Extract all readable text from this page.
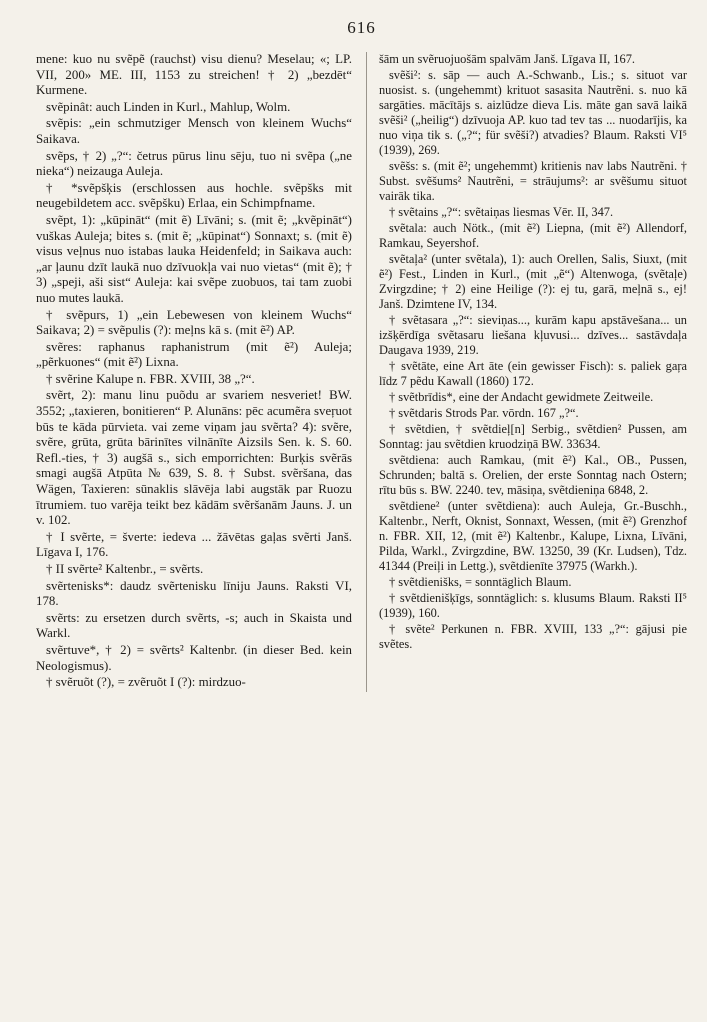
616

mene: kuo nu svẽpẽ (rauchst) visu dienu? Meselau; «; LP. VII, 200» ME. III, 1153 zu streichen! † 2) „bezdēt“ Kurmene.

svẽpinât: auch Linden in Kurl., Mahlup, Wolm.

svẽpis: „ein schmutziger Mensch von kleinem Wuchs“ Saikava.

svẽps, † 2) „?“: četrus pūrus linu sēju, tuo ni svẽpa („ne nieka“) neizauga Auleja.

† *svẽpšķis (erschlossen aus hochle. svẽpšks mit neugebildetem acc. svẽpšku) Erlaa, ein Schimpfname.

svẽpt, 1): „kūpināt“ (mit ẽ) Līvāni; s. (mit ẽ; „kvẽpināt“) vuškas Auleja; bites s. (mit ẽ; „kūpinat“) Sonnaxt; s. (mit ẽ) visus veļnus nuo istabas lauka Heidenfeld; in Saikava auch: „ar ļaunu dzīt laukā nuo dzīvuokļa vai nuo vietas“ (mit ẽ); † 3) „speji, aši sist“ Auleja: kai svẽpe zuobuos, tai tam zuobi nuo mutes laukā.

† svẽpurs, 1) „ein Lebewesen von kleinem Wuchs“ Saikava; 2) = svẽpulis (?): meļns kā s. (mit ẽ²) AP.

svẽres: raphanus raphanistrum (mit ẽ²) Auleja; „pẽrkuones“ (mit ẽ²) Lixna.

† svẽrine Kalupe n. FBR. XVIII, 38 „?“.

svẽrt, 2): manu linu puõdu ar svariem nesveriet! BW. 3552; „taxieren, bonitieren“ P. Alunāns: pēc acumẽra sveŗuot būs te kāda pūrvieta. vai zeme viņam jau svẽrta? 4): svẽre, svẽre, grūta, grūta bārinītes vilnānīte Aizsils Sen. k. S. 60. Refl.-ties, † 3) augšā s., sich emporrichten: Burķis svẽrās smagi augšā Atpūta № 639, S. 8. † Subst. svẽršana, das Wägen, Taxieren: sūnaklis slāvēja labi augstāk par Ruozu ītrumiem. tuo varēja teikt bez kādām svẽršanām Jauns. J. un v. 102.

† I svẽrte, = šverte: iedeva ... žāvētas gaļas svẽrti Janš. Līgava I, 176.

† II svẽrte² Kaltenbr., = svẽrts.

svẽrtenisks*: daudz svẽrtenisku līniju Jauns. Raksti VI, 178.

svẽrts: zu ersetzen durch svẽrts, -s; auch in Skaista und Warkl.

svẽrtuve*, † 2) = svẽrts² Kaltenbr. (in dieser Bed. kein Neologismus).

† svẽruõt (?), = zvẽruõt I (?): mirdzuo-

šām un svẽruojuošām spalvām Janš. Līgava II, 167.

svẽši²: s. sāp — auch A.-Schwanb., Lis.; s. situot var nuosist. s. (ungehemmt) krituot sasasita Nautrẽni. s. nuo kā sargāties. mācītājs s. aizlūdze dieva Lis. māte gan savā laikā svẽši² („heilig“) dzīvuoja AP. kuo tad tev tas ... nuodarījis, ka nuo viņa tik s. („?“; für svẽši?) atvadies? Blaum. Raksti VI⁵ (1939), 269.

svẽšs: s. (mit ẽ²; ungehemmt) kritienis nav labs Nautrẽni. † Subst. svẽšums² Nautrẽni, = strāujums²: ar svẽšumu situot vairāk tika.

† svẽtains „?“: svẽtaiņas liesmas Vēr. II, 347.

svẽtala: auch Nötk., (mit ẽ²) Liepna, (mit ẽ²) Allendorf, Ramkau, Seyershof.

svẽtaļa² (unter svẽtala), 1): auch Orellen, Salis, Siuxt, (mit ẽ²) Fest., Linden in Kurl., (mit „ẽ“) Altenwoga, (svẽtaļe) Zvirgzdine; † 2) eine Heilige (?): ej tu, garā, meļnā s., ej! Janš. Dzimtene IV, 134.

† svẽtasara „?“: sieviņas..., kurām kapu apstāvešana... un izšķērdīga svẽtasaru liešana kļuvusi... dzīves... sastāvdaļa Daugava 1939, 219.

† svẽtāte, eine Art āte (ein gewisser Fisch): s. paliek gaŗa līdz 7 pẽdu Kawall (1860) 172.

† svẽtbrīdis*, eine der Andacht gewidmete Zeitweile.

† svẽtdaris Strods Par. vōrdn. 167 „?“.

† svẽtdien, † svẽtdieļ[n] Serbig., svẽtdien² Pussen, am Sonntag: jau svẽtdien kruodziņā BW. 33634.

svẽtdiena: auch Ramkau, (mit ẽ²) Kal., OB., Pussen, Schrunden; baltā s. Orelien, der erste Sonntag nach Ostern; rītu būs s. BW. 2240. tev, māsiņa, svẽtdieniņa 6848, 2.

svẽtdiene² (unter svẽtdiena): auch Auleja, Gr.-Buschh., Kaltenbr., Nerft, Oknist, Sonnaxt, Wessen, (mit ẽ²) Grenzhof n. FBR. XII, 12, (mit ẽ²) Kaltenbr., Kalupe, Lixna, Līvāni, Pilda, Warkl., Zvirgzdine, BW. 13250, 39 (Kr. Ludsen), Tdz. 41344 (Preiļi in Lettg.), svẽtdienīte 37975 (Warkh.).

† svẽtdienišks, = sonntäglich Blaum.

† svẽtdienišķīgs, sonntäglich: s. klusums Blaum. Raksti II⁵ (1939), 160.

† svẽte² Perkunen n. FBR. XVIII, 133 „?“: gājusi pie svẽtes.
